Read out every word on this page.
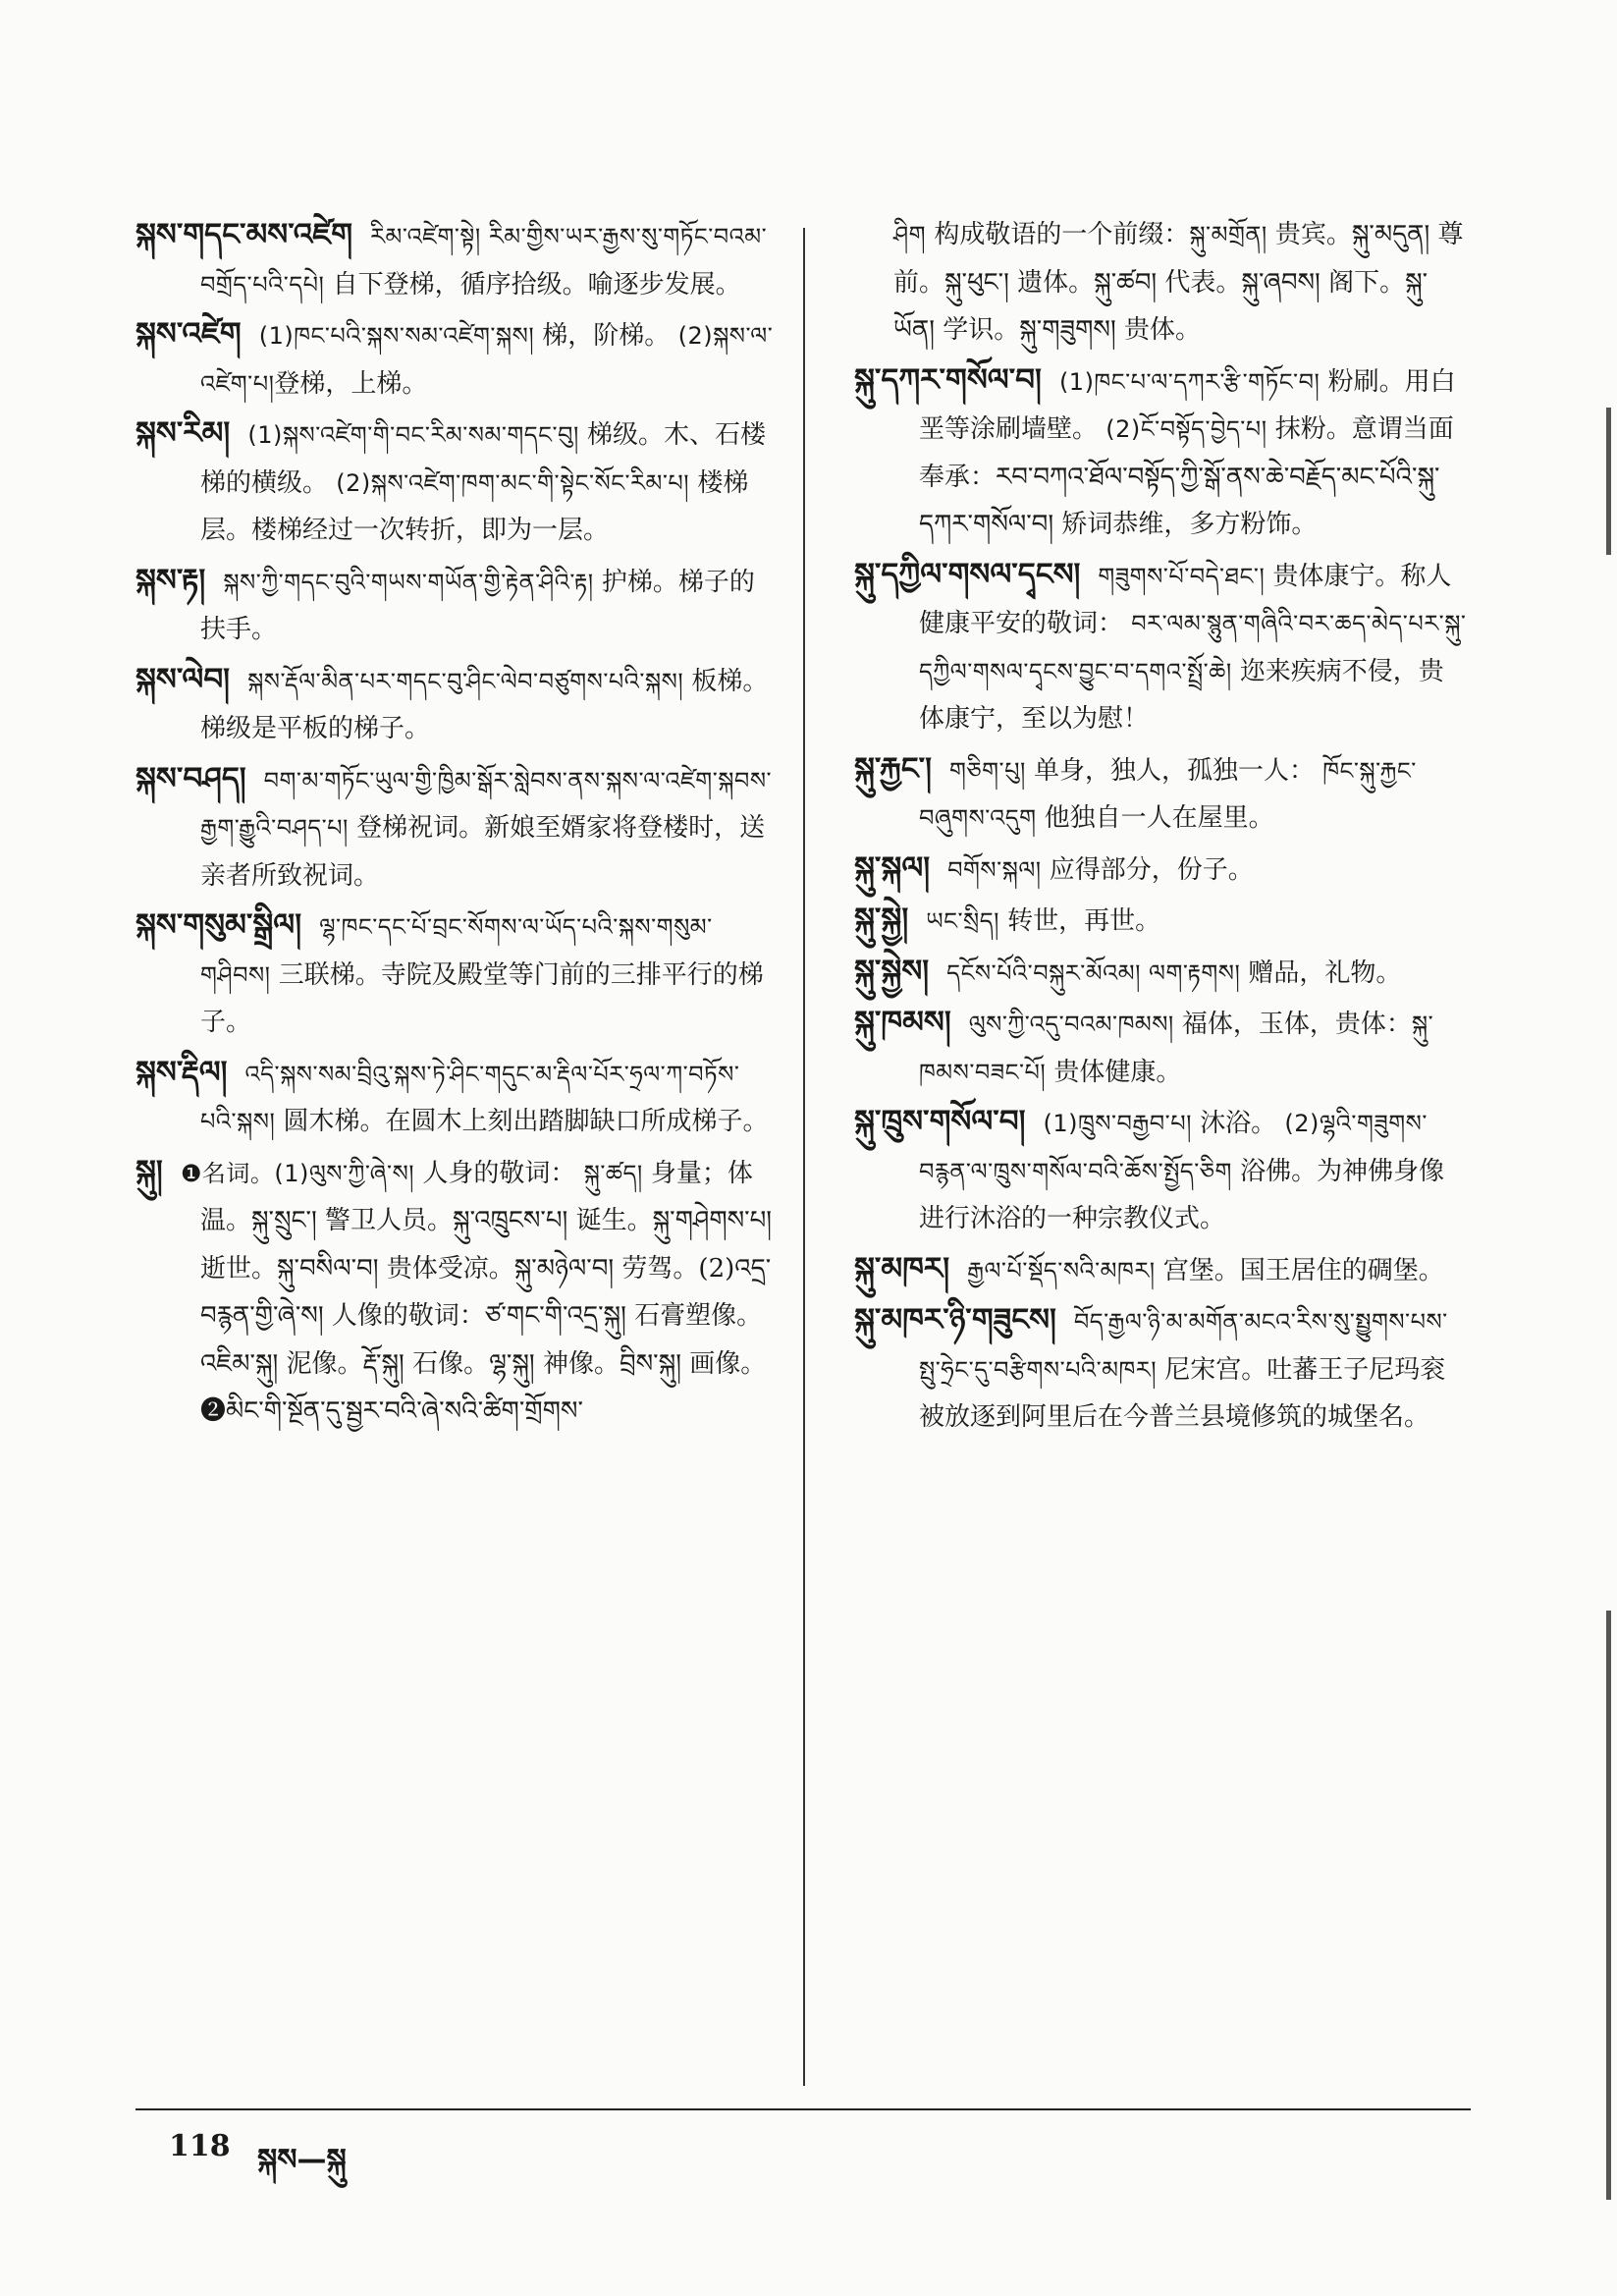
སྐས་གདང་མས་འཛེག རིམ་འཛེག་སྟེ། རིམ་གྱིས་ཡར་རྒྱས་སུ་གཏོང་བའམ་བགྲོད་པའི་དཔེ། 自下登梯，循序拾级。喻逐步发展。

སྐས་འཛེག (1)ཁང་པའི་སྐས་སམ་འཛེག་སྐས། 梯，阶梯。 (2)སྐས་ལ་འཛེག་པ།登梯，上梯。

སྐས་རིམ། (1)སྐས་འཛེག་གི་བང་རིམ་སམ་གདང་བུ། 梯级。木、石楼梯的横级。 (2)སྐས་འཛེག་ཁག་མང་གི་སྟེང་སོང་རིམ་པ། 楼梯层。楼梯经过一次转折，即为一层。

སྐས་རྟ། སྐས་ཀྱི་གདང་བུའི་གཡས་གཡོན་གྱི་རྟེན་ཤིའི་རྟ། 护梯。梯子的扶手。

སྐས་ལེབ། སྐས་རྡོལ་མིན་པར་གདང་བུ་ཤིང་ལེབ་བཙུགས་པའི་སྐས། 板梯。梯级是平板的梯子。

སྐས་བཤད། བག་མ་གཏོང་ཡུལ་གྱི་ཁྱིམ་སྒོར་སླེབས་ནས་སྐས་ལ་འཛེག་སྐབས་རྒྱག་རྒྱུའི་བཤད་པ། 登梯祝词。新娘至婿家将登楼时，送亲者所致祝词。

སྐས་གསུམ་སྒྲིལ། ལྷ་ཁང་དང་པོ་བྲང་སོགས་ལ་ཡོད་པའི་སྐས་གསུམ་གཤིབས། 三联梯。寺院及殿堂等门前的三排平行的梯子。

སྐས་རྡིལ། འདི་སྐས་སམ་བྲིའུ་སྐས་ཏེ་ཤིང་གདུང་མ་རྡིལ་པོར་ཧྲལ་ཀ་བཏོས་པའི་སྐས། 圆木梯。在圆木上刻出踏脚缺口所成梯子。

སྐུ། ❶名词。(1)ལུས་ཀྱི་ཞེ་ས། 人身的敬词： སྐུ་ཚད། 身量；体温。སྐུ་སྲུང་། 警卫人员。སྐུ་འཁྲུངས་པ། 诞生。སྐུ་གཤེགས་པ། 逝世。སྐུ་བསིལ་བ། 贵体受凉。སྐུ་མཉེལ་བ། 劳驾。(2)འདྲ་བརྙན་གྱི་ཞེ་ས། 人像的敬词：ཙ་གང་གི་འདྲ་སྐུ། 石膏塑像。འཇིམ་སྐུ། 泥像。རྡོ་སྐུ། 石像。ལྷ་སྐུ། 神像。བྲིས་སྐུ། 画像。❷མིང་གི་སྔོན་དུ་སྦྱར་བའི་ཞེ་སའི་ཚིག་གྲོགས་

ཤིག 构成敬语的一个前缀：སྐུ་མགྲོན། 贵宾。སྐུ་མདུན། 尊前。སྐུ་ཕུང་། 遗体。སྐུ་ཚབ། 代表。སྐུ་ཞབས། 阁下。སྐུ་ཡོན། 学识。སྐུ་གཟུགས། 贵体。

སྐུ་དཀར་གསོལ་བ། (1)ཁང་པ་ལ་དཀར་རྩི་གཏོང་བ། 粉刷。用白垩等涂刷墙壁。 (2)ངོ་བསྟོད་བྱེད་པ། 抹粉。意谓当面奉承：རབ་བཀའ་ཐོལ་བསྟོད་ཀྱི་སྒོ་ནས་ཆེ་བརྗོད་མང་པོའི་སྐུ་དཀར་གསོལ་བ། 矫词恭维，多方粉饰。

སྐུ་དཀྱིལ་གསལ་དྭངས། གཟུགས་པོ་བདེ་ཐང་། 贵体康宁。称人健康平安的敬词： བར་ལམ་སྙུན་གཞིའི་བར་ཆད་མེད་པར་སྐུ་དཀྱིལ་གསལ་དྭངས་བྱུང་བ་དགའ་སྤྲོ་ཆེ། 迩来疾病不侵，贵体康宁，至以为慰！

སྐུ་རྐྱང་། གཅིག་པུ། 单身，独人，孤独一人： ཁོང་སྐུ་རྐྱང་བཞུགས་འདུག 他独自一人在屋里。

སྐུ་སྐལ། བགོས་སྐལ། 应得部分，份子。

སྐུ་སྐྱེ། ཡང་སྲིད། 转世，再世。

སྐུ་སྐྱེས། དངོས་པོའི་བསྐུར་མོའམ། ལག་རྟགས། 赠品，礼物。

སྐུ་ཁམས། ལུས་ཀྱི་འདུ་བའམ་ཁམས། 福体，玉体，贵体：སྐུ་ཁམས་བཟང་པོ། 贵体健康。

སྐུ་ཁྲུས་གསོལ་བ། (1)ཁྲུས་བརྒྱབ་པ། 沐浴。 (2)ལྷའི་གཟུགས་བརྙན་ལ་ཁྲུས་གསོལ་བའི་ཆོས་སྤྱོད་ཅིག 浴佛。为神佛身像进行沐浴的一种宗教仪式。

སྐུ་མཁར། རྒྱལ་པོ་སྡོད་སའི་མཁར། 宫堡。国王居住的碉堡。

སྐུ་མཁར་ཉི་གཟུངས། བོད་རྒྱལ་ཉི་མ་མགོན་མངའ་རིས་སུ་སྤྱུགས་པས་སྤུ་ཧྲེང་དུ་བརྩིགས་པའི་མཁར། 尼宋宫。吐蕃王子尼玛衮被放逐到阿里后在今普兰县境修筑的城堡名。

118 སྐས—སྐུ
